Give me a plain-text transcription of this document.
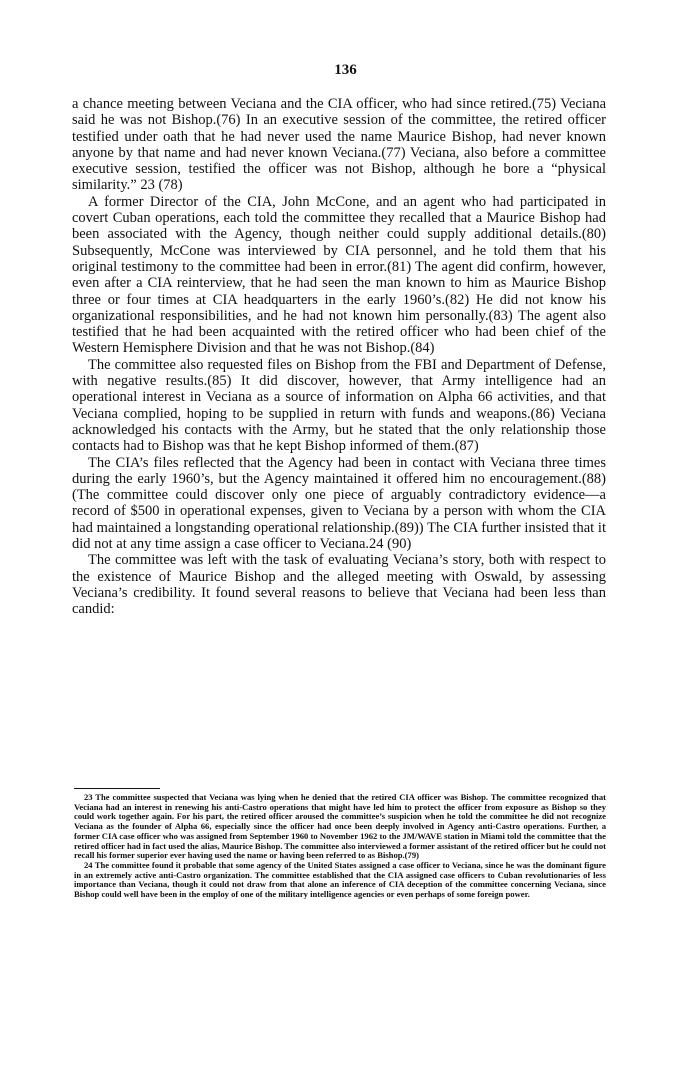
136

a chance meeting between Veciana and the CIA officer, who had since retired.(75) Veciana said he was not Bishop.(76) In an executive session of the committee, the retired officer testified under oath that he had never used the name Maurice Bishop, had never known anyone by that name and had never known Veciana.(77) Veciana, also before a committee executive session, testified the officer was not Bishop, although he bore a “physical similarity.” 23 (78)

A former Director of the CIA, John McCone, and an agent who had participated in covert Cuban operations, each told the committee they recalled that a Maurice Bishop had been associated with the Agency, though neither could supply additional details.(80) Subsequently, McCone was interviewed by CIA personnel, and he told them that his original testimony to the committee had been in error.(81) The agent did confirm, however, even after a CIA reinterview, that he had seen the man known to him as Maurice Bishop three or four times at CIA headquarters in the early 1960’s.(82) He did not know his organizational responsibilities, and he had not known him personally.(83) The agent also testified that he had been acquainted with the retired officer who had been chief of the Western Hemisphere Division and that he was not Bishop.(84)

The committee also requested files on Bishop from the FBI and Department of Defense, with negative results.(85) It did discover, however, that Army intelligence had an operational interest in Veciana as a source of information on Alpha 66 activities, and that Veciana complied, hoping to be supplied in return with funds and weapons.(86) Veciana acknowledged his contacts with the Army, but he stated that the only relationship those contacts had to Bishop was that he kept Bishop informed of them.(87)

The CIA’s files reflected that the Agency had been in contact with Veciana three times during the early 1960’s, but the Agency maintained it offered him no encouragement.(88) (The committee could discover only one piece of arguably contradictory evidence—a record of $500 in operational expenses, given to Veciana by a person with whom the CIA had maintained a longstanding operational relationship.(89)) The CIA further insisted that it did not at any time assign a case officer to Veciana.24 (90)

The committee was left with the task of evaluating Veciana’s story, both with respect to the existence of Maurice Bishop and the alleged meeting with Oswald, by assessing Veciana’s credibility. It found several reasons to believe that Veciana had been less than candid:

23 The committee suspected that Veciana was lying when he denied that the retired CIA officer was Bishop. The committee recognized that Veciana had an interest in renewing his anti-Castro operations that might have led him to protect the officer from exposure as Bishop so they could work together again. For his part, the retired officer aroused the committee’s suspicion when he told the committee he did not recognize Veciana as the founder of Alpha 66, especially since the officer had once been deeply involved in Agency anti-Castro operations. Further, a former CIA case officer who was assigned from September 1960 to November 1962 to the JM/WAVE station in Miami told the committee that the retired officer had in fact used the alias, Maurice Bishop. The committee also interviewed a former assistant of the retired officer but he could not recall his former superior ever having used the name or having been referred to as Bishop.(79)

24 The committee found it probable that some agency of the United States assigned a case officer to Veciana, since he was the dominant figure in an extremely active anti-Castro organization. The committee established that the CIA assigned case officers to Cuban revolutionaries of less importance than Veciana, though it could not draw from that alone an inference of CIA deception of the committee concerning Veciana, since Bishop could well have been in the employ of one of the military intelligence agencies or even perhaps of some foreign power.
